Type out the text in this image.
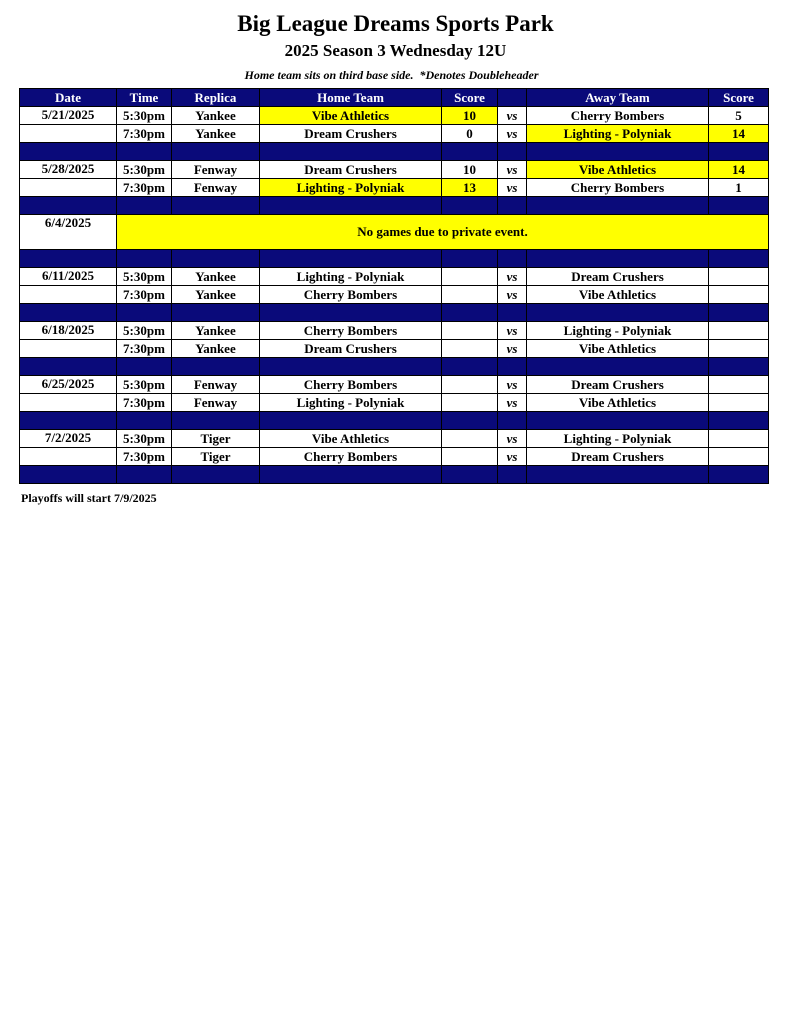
Big League Dreams Sports Park
2025 Season 3 Wednesday 12U
Home team sits on third base side.  *Denotes Doubleheader
Date	Time	Replica	Home Team	Score		Away Team	Score
5/21/2025	5:30pm	Yankee	Vibe Athletics	10	vs	Cherry Bombers	5
	7:30pm	Yankee	Dream Crushers	0	vs	Lighting - Polyniak	14

5/28/2025	5:30pm	Fenway	Dream Crushers	10	vs	Vibe Athletics	14
	7:30pm	Fenway	Lighting - Polyniak	13	vs	Cherry Bombers	1

6/4/2025	No games due to private event.						

6/11/2025	5:30pm	Yankee	Lighting - Polyniak		vs	Dream Crushers	
	7:30pm	Yankee	Cherry Bombers		vs	Vibe Athletics	

6/18/2025	5:30pm	Yankee	Cherry Bombers		vs	Lighting - Polyniak	
	7:30pm	Yankee	Dream Crushers		vs	Vibe Athletics	

6/25/2025	5:30pm	Fenway	Cherry Bombers		vs	Dream Crushers	
	7:30pm	Fenway	Lighting - Polyniak		vs	Vibe Athletics	

7/2/2025	5:30pm	Tiger	Vibe Athletics		vs	Lighting - Polyniak	
	7:30pm	Tiger	Cherry Bombers		vs	Dream Crushers	

Playoffs will start 7/9/2025
